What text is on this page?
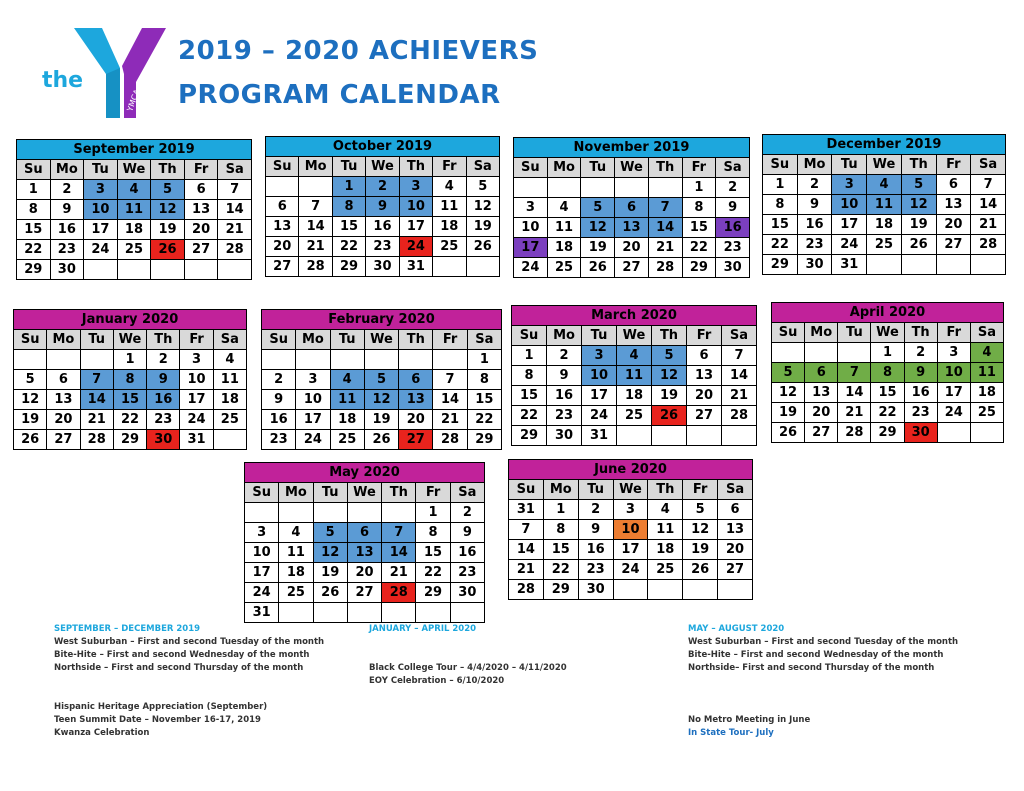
the
YMCA
2019 – 2020 ACHIEVERS
PROGRAM CALENDAR
September 2019
Su	Mo	Tu	We	Th	Fr	Sa
1	2	3	4	5	6	7
8	9	10	11	12	13	14
15	16	17	18	19	20	21
22	23	24	25	26	27	28
29	30					
October 2019
Su	Mo	Tu	We	Th	Fr	Sa
		1	2	3	4	5
6	7	8	9	10	11	12
13	14	15	16	17	18	19
20	21	22	23	24	25	26
27	28	29	30	31		
November 2019
Su	Mo	Tu	We	Th	Fr	Sa
					1	2
3	4	5	6	7	8	9
10	11	12	13	14	15	16
17	18	19	20	21	22	23
24	25	26	27	28	29	30
December 2019
Su	Mo	Tu	We	Th	Fr	Sa
1	2	3	4	5	6	7
8	9	10	11	12	13	14
15	16	17	18	19	20	21
22	23	24	25	26	27	28
29	30	31				
January 2020
Su	Mo	Tu	We	Th	Fr	Sa
			1	2	3	4
5	6	7	8	9	10	11
12	13	14	15	16	17	18
19	20	21	22	23	24	25
26	27	28	29	30	31	
February 2020
Su	Mo	Tu	We	Th	Fr	Sa
						1
2	3	4	5	6	7	8
9	10	11	12	13	14	15
16	17	18	19	20	21	22
23	24	25	26	27	28	29
March 2020
Su	Mo	Tu	We	Th	Fr	Sa
1	2	3	4	5	6	7
8	9	10	11	12	13	14
15	16	17	18	19	20	21
22	23	24	25	26	27	28
29	30	31				
April 2020
Su	Mo	Tu	We	Th	Fr	Sa
			1	2	3	4
5	6	7	8	9	10	11
12	13	14	15	16	17	18
19	20	21	22	23	24	25
26	27	28	29	30		
May 2020
Su	Mo	Tu	We	Th	Fr	Sa
					1	2
3	4	5	6	7	8	9
10	11	12	13	14	15	16
17	18	19	20	21	22	23
24	25	26	27	28	29	30
31						
June 2020
Su	Mo	Tu	We	Th	Fr	Sa
31	1	2	3	4	5	6
7	8	9	10	11	12	13
14	15	16	17	18	19	20
21	22	23	24	25	26	27
28	29	30				
SEPTEMBER – DECEMBER 2019
West Suburban – First and second Tuesday of the month
Bite-Hite – First and second Wednesday of the month
Northside – First and second Thursday of the month
Hispanic Heritage Appreciation (September)
Teen Summit Date – November 16-17, 2019
Kwanza Celebration
JANUARY – APRIL 2020
Black College Tour – 4/4/2020 – 4/11/2020
EOY Celebration – 6/10/2020
MAY – AUGUST 2020
West Suburban – First and second Tuesday of the month
Bite-Hite – First and second Wednesday of the month
Northside– First and second Thursday of the month
No Metro Meeting in June
In State Tour- July
